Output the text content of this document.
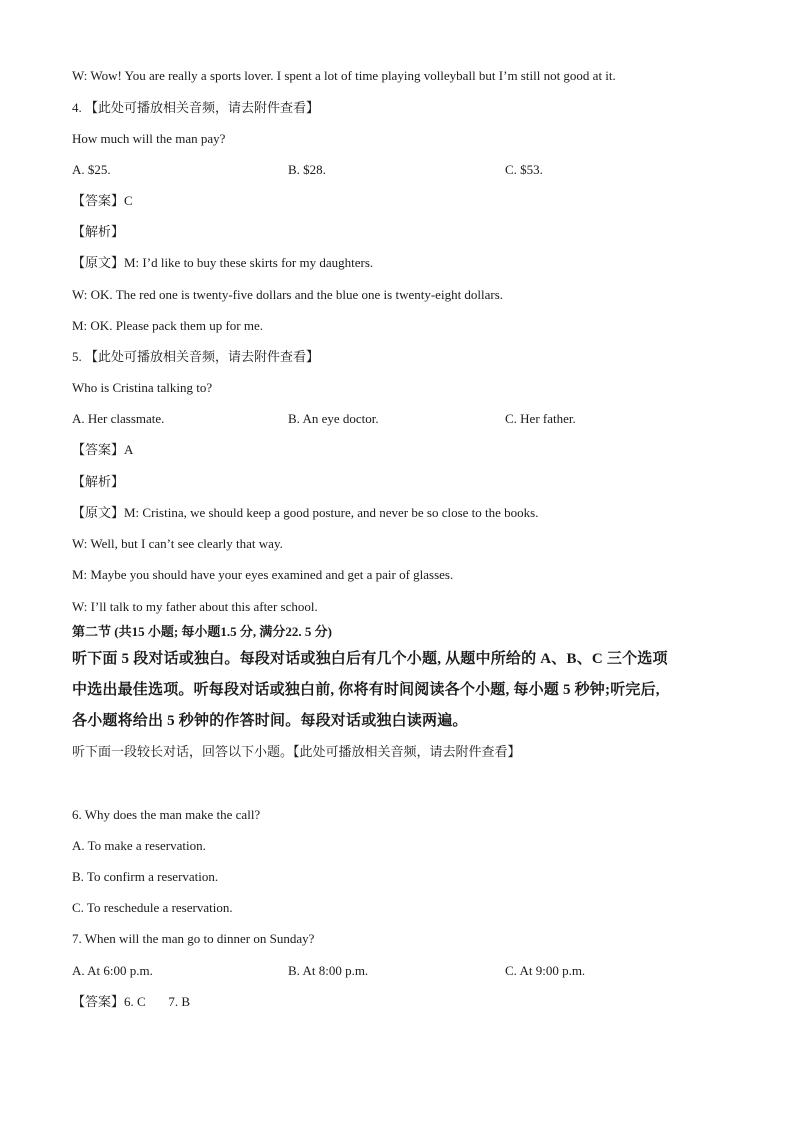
W: Wow! You are really a sports lover. I spent a lot of time playing volleyball but I’m still not good at it.
4. 【此处可播放相关音频，请去附件查看】
How much will the man pay?
A. $25.	B. $28.	C. $53.
【答案】C
【解析】
【原文】M: I’d like to buy these skirts for my daughters.
W: OK. The red one is twenty-five dollars and the blue one is twenty-eight dollars.
M: OK. Please pack them up for me.
5. 【此处可播放相关音频，请去附件查看】
Who is Cristina talking to?
A. Her classmate.	B. An eye doctor.	C. Her father.
【答案】A
【解析】
【原文】M: Cristina, we should keep a good posture, and never be so close to the books.
W: Well, but I can’t see clearly that way.
M: Maybe you should have your eyes examined and get a pair of glasses.
W: I’ll talk to my father about this after school.
第二节 (共15 小题; 每小题1.5 分, 满分22. 5 分)
听下面 5 段对话或独白。每段对话或独白后有几个小题, 从题中所给的 A、B、C 三个选项
中选出最佳选项。听每段对话或独白前, 你将有时间阅读各个小题, 每小题 5 秒钟;听完后,
各小题将给出 5 秒钟的作答时间。每段对话或独白读两遍。
听下面一段较长对话，回答以下小题。【此处可播放相关音频，请去附件查看】
6. Why does the man make the call?
A. To make a reservation.
B. To confirm a reservation.
C. To reschedule a reservation.
7. When will the man go to dinner on Sunday?
A. At 6:00 p.m.	B. At 8:00 p.m.	C. At 9:00 p.m.
【答案】6. C       7. B
